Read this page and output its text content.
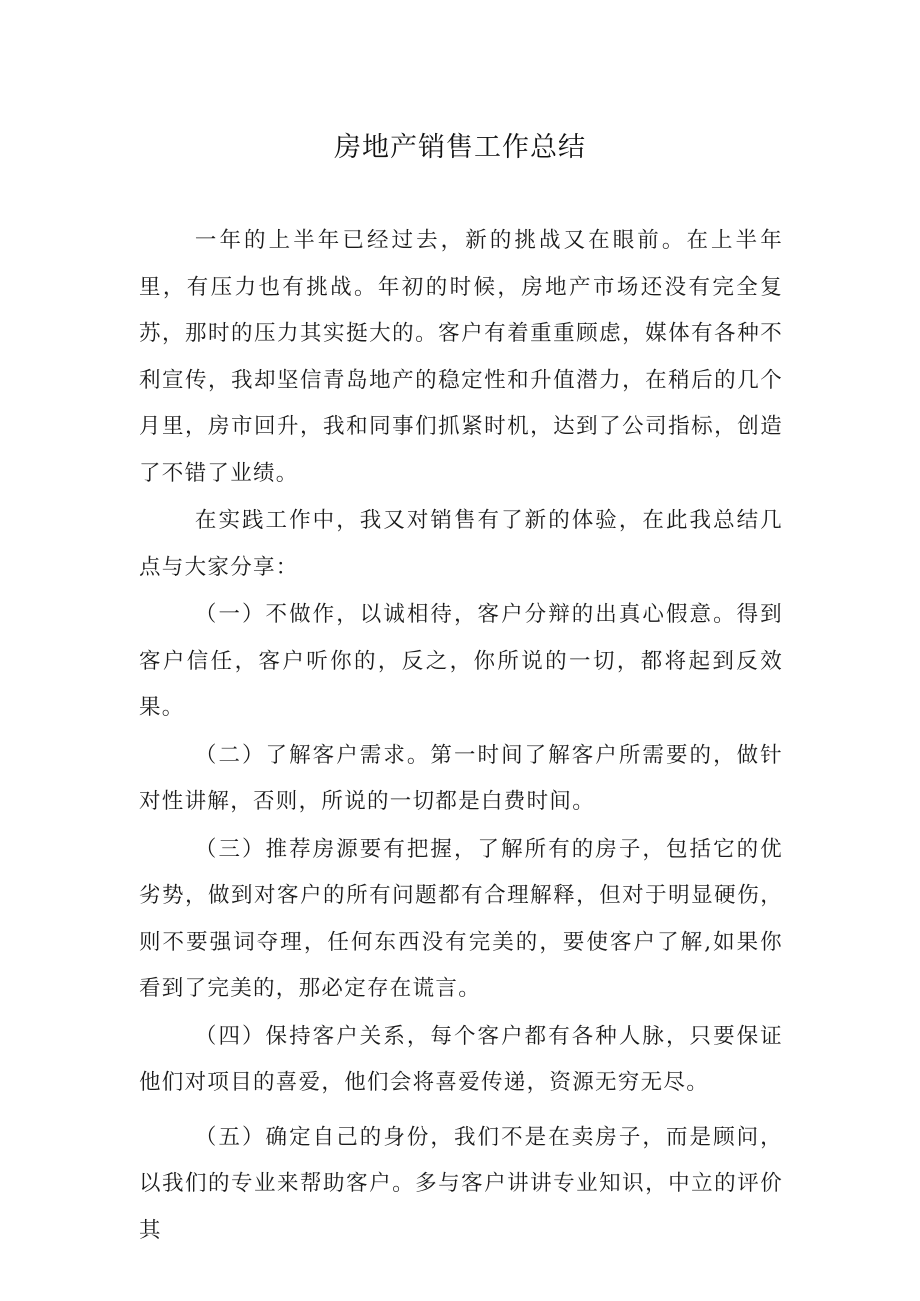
房地产销售工作总结

一年的上半年已经过去，新的挑战又在眼前。在上半年里，有压力也有挑战。年初的时候，房地产市场还没有完全复苏，那时的压力其实挺大的。客户有着重重顾虑，媒体有各种不利宣传，我却坚信青岛地产的稳定性和升值潜力，在稍后的几个月里，房市回升，我和同事们抓紧时机，达到了公司指标，创造了不错了业绩。

在实践工作中，我又对销售有了新的体验，在此我总结几点与大家分享：

（一）不做作，以诚相待，客户分辩的出真心假意。得到客户信任，客户听你的，反之，你所说的一切，都将起到反效果。

（二）了解客户需求。第一时间了解客户所需要的，做针对性讲解，否则，所说的一切都是白费时间。

（三）推荐房源要有把握，了解所有的房子，包括它的优劣势，做到对客户的所有问题都有合理解释，但对于明显硬伤，则不要强词夺理，任何东西没有完美的，要使客户了解,如果你看到了完美的，那必定存在谎言。

（四）保持客户关系，每个客户都有各种人脉，只要保证他们对项目的喜爱，他们会将喜爱传递，资源无穷无尽。

（五）确定自己的身份，我们不是在卖房子，而是顾问，以我们的专业来帮助客户。多与客户讲讲专业知识，中立的评价其
